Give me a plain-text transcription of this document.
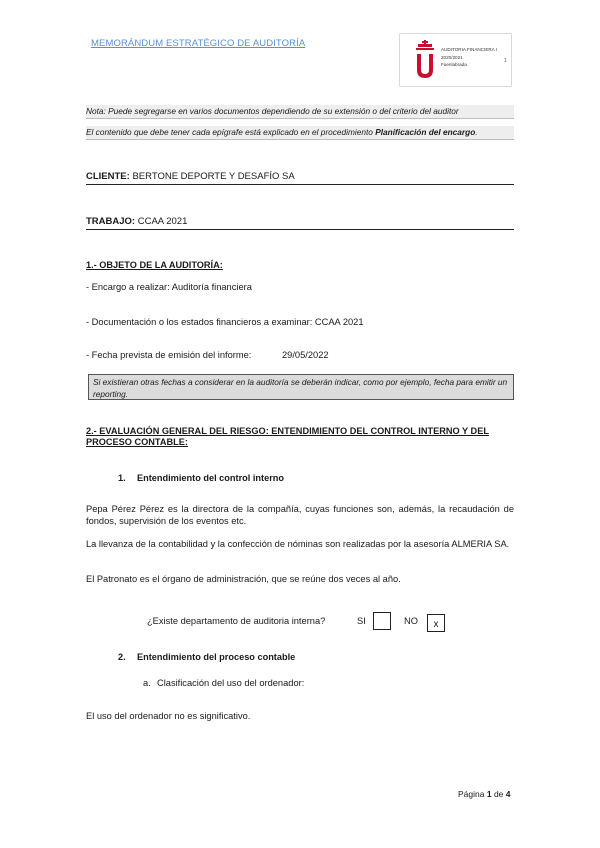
MEMORÁNDUM ESTRATÉGICO DE AUDITORÍA
AUDITORIA FINANCIERA I
2020/2021
Fuenlabrada
1
Nota: Puede segregarse en varios documentos dependiendo de su extensión o del criterio del auditor
El contenido que debe tener cada epígrafe está explicado en el procedimiento Planificación del encargo.
CLIENTE: BERTONE DEPORTE Y DESAFÍO SA
TRABAJO: CCAA 2021
1.- OBJETO DE LA AUDITORÍA:
- Encargo a realizar: Auditoría financiera
- Documentación o los estados financieros a examinar: CCAA 2021
- Fecha prevista de emisión del informe:	29/05/2022
Si existieran otras fechas a considerar en la auditoría se deberán indicar, como por ejemplo, fecha para emitir un reporting.
2.- EVALUACIÓN GENERAL DEL RIESGO: ENTENDIMIENTO DEL CONTROL INTERNO Y DEL PROCESO CONTABLE:
1. Entendimiento del control interno
Pepa Pérez Pérez es la directora de la compañía, cuyas funciones son, además, la recaudación de fondos, supervisión de los eventos etc.
La llevanza de la contabilidad y la confección de nóminas son realizadas por la asesoría ALMERIA SA.
El Patronato es el órgano de administración, que se reúne dos veces al año.
¿Existe departamento de auditoria interna?	SI	NO	x
2. Entendimiento del proceso contable
a. Clasificación del uso del ordenador:
El uso del ordenador no es significativo.
Página 1 de 4
